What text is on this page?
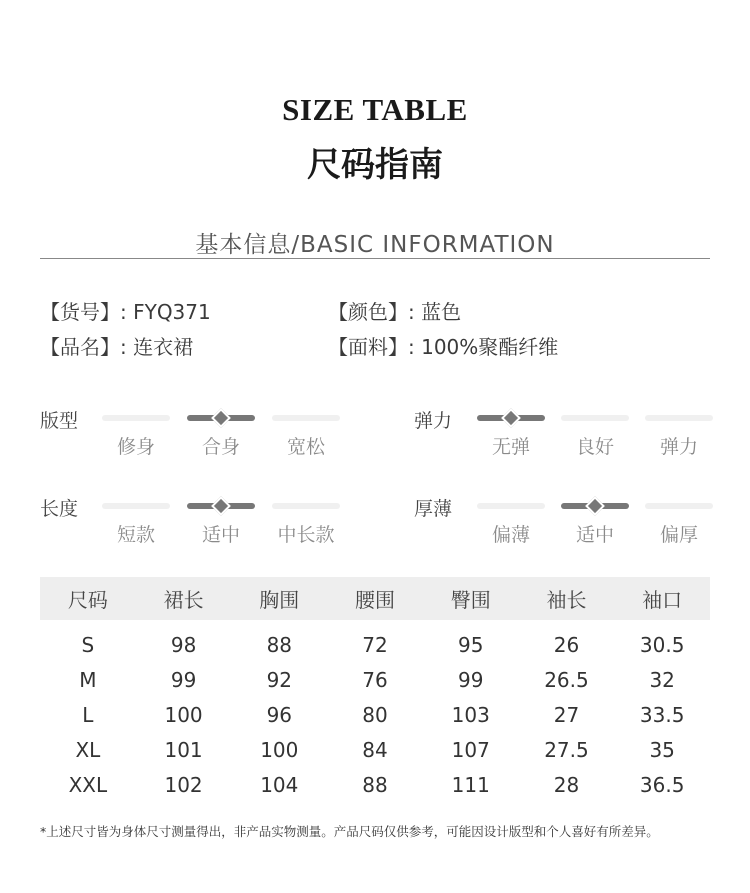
SIZE TABLE
尺码指南
基本信息/BASIC INFORMATION
【货号】: FYQ371	【颜色】: 蓝色
【品名】: 连衣裙	【面料】: 100%聚酯纤维
版型
修身	合身	宽松
弹力
无弹	良好	弹力
长度
短款	适中	中长款
厚薄
偏薄	适中	偏厚
尺码	裙长	胸围	腰围	臀围	袖长	袖口
S	98	88	72	95	26	30.5
M	99	92	76	99	26.5	32
L	100	96	80	103	27	33.5
XL	101	100	84	107	27.5	35
XXL	102	104	88	111	28	36.5
*上述尺寸皆为身体尺寸测量得出，非产品实物测量。产品尺码仅供参考，可能因设计版型和个人喜好有所差异。
